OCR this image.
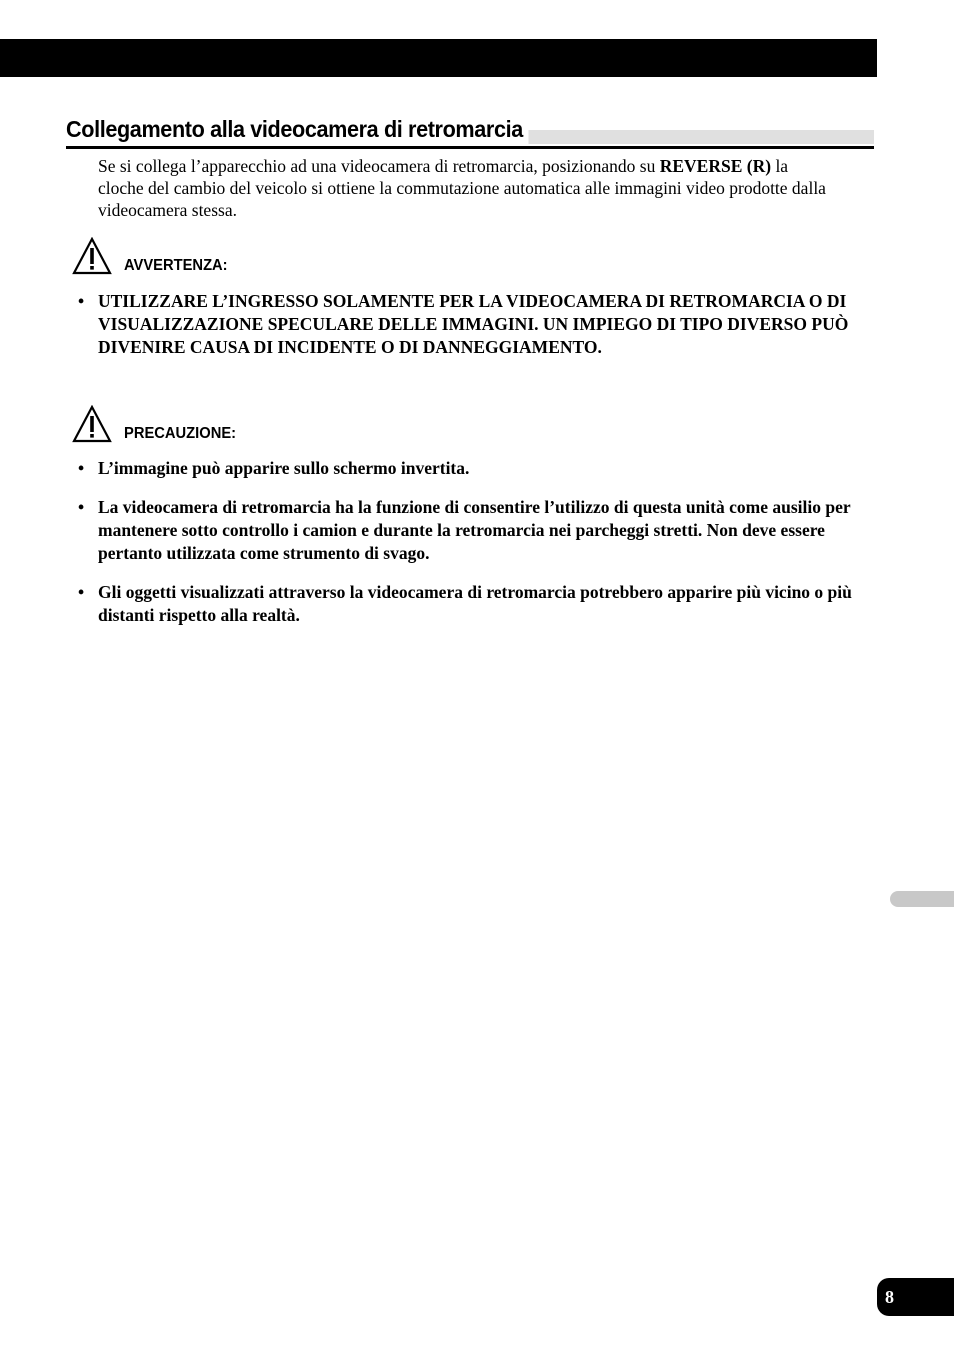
Collegamento alla videocamera di retromarcia

Se si collega l’apparecchio ad una videocamera di retromarcia, posizionando su REVERSE (R) la cloche del cambio del veicolo si ottiene la commutazione automatica alle immagini video prodotte dalla videocamera stessa.

AVVERTENZA:
• UTILIZZARE L’INGRESSO SOLAMENTE PER LA VIDEOCAMERA DI RETROMARCIA O DI VISUALIZZAZIONE SPECULARE DELLE IMMAGINI. UN IMPIEGO DI TIPO DIVERSO PUÒ DIVENIRE CAUSA DI INCIDENTE O DI DANNEGGIAMENTO.
PRECAUZIONE:
• L’immagine può apparire sullo schermo invertita.
• La videocamera di retromarcia ha la funzione di consentire l’utilizzo di questa unità come ausilio per mantenere sotto controllo i camion e durante la retromarcia nei parcheggi stretti. Non deve essere pertanto utilizzata come strumento di svago.
• Gli oggetti visualizzati attraverso la videocamera di retromarcia potrebbero apparire più vicino o più distanti rispetto alla realtà.
8
